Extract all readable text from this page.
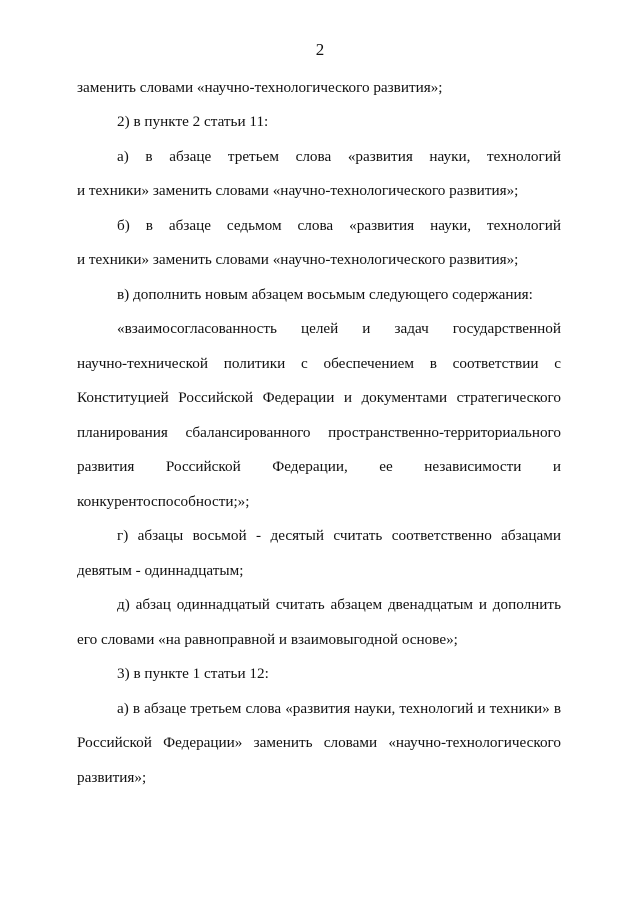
2
заменить словами «научно-технологического развития»;
2) в пункте 2 статьи 11:
а) в абзаце третьем слова «развития науки, технологий
и техники» заменить словами «научно-технологического развития»;
б) в абзаце седьмом слова «развития науки, технологий
и техники» заменить словами «научно-технологического развития»;
в) дополнить новым абзацем восьмым следующего содержания:
«взаимосогласованность целей и задач государственной
научно-технической политики с обеспечением в соответствии с
Конституцией Российской Федерации и документами стратегического
планирования сбалансированного пространственно-территориального
развития Российской Федерации, ее независимости и
конкурентоспособности;»;
г) абзацы восьмой - десятый считать соответственно абзацами
девятым - одиннадцатым;
д) абзац одиннадцатый считать абзацем двенадцатым и дополнить
его словами «на равноправной и взаимовыгодной основе»;
3) в пункте 1 статьи 12:
а) в абзаце третьем слова «развития науки, технологий и техники» в
Российской Федерации» заменить словами «научно-технологического
развития»;
